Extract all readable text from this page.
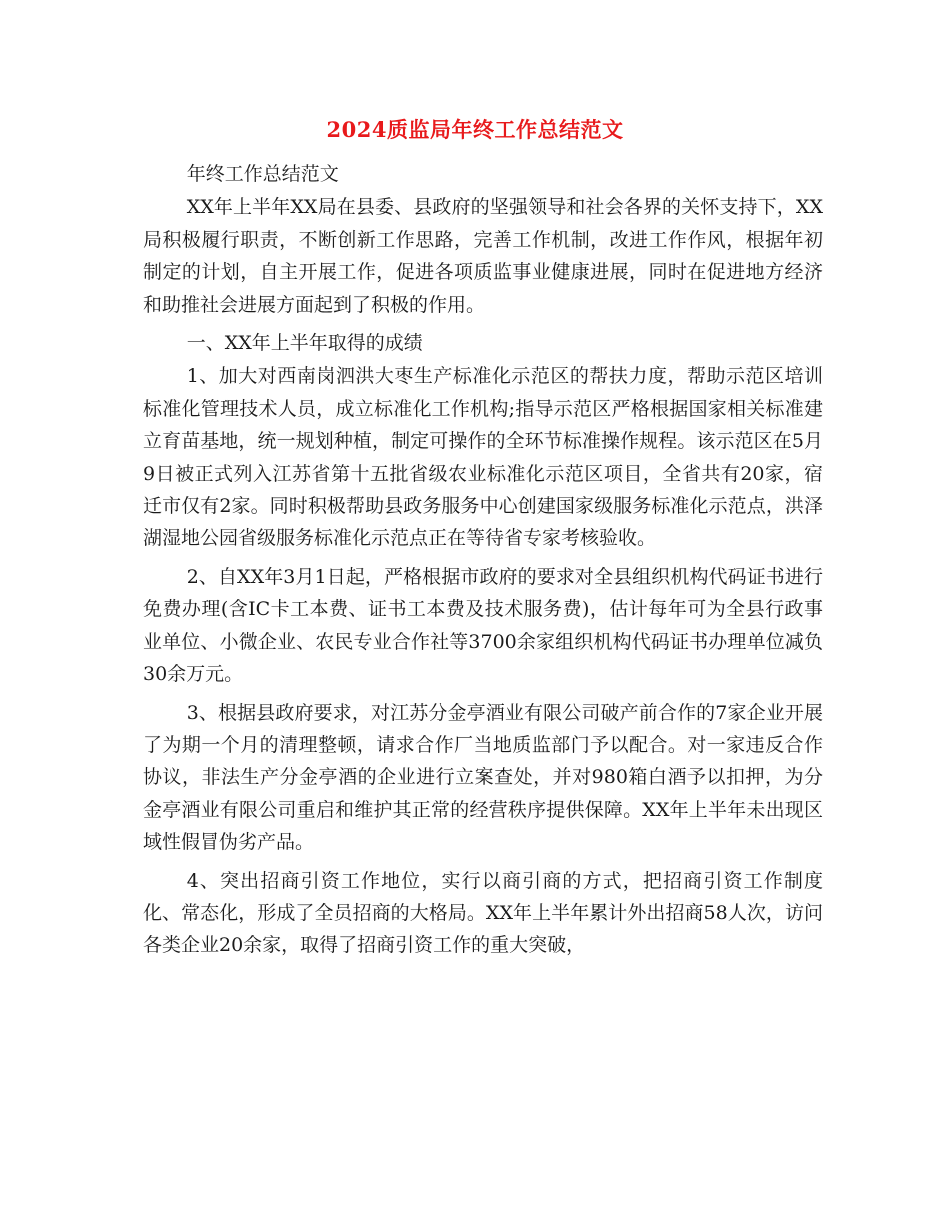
2024质监局年终工作总结范文

年终工作总结范文

XX年上半年XX局在县委、县政府的坚强领导和社会各界的关怀支持下，XX局积极履行职责，不断创新工作思路，完善工作机制，改进工作作风，根据年初制定的计划，自主开展工作，促进各项质监事业健康进展，同时在促进地方经济和助推社会进展方面起到了积极的作用。

一、XX年上半年取得的成绩

1、加大对西南岗泗洪大枣生产标准化示范区的帮扶力度，帮助示范区培训标准化管理技术人员，成立标准化工作机构;指导示范区严格根据国家相关标准建立育苗基地，统一规划种植，制定可操作的全环节标准操作规程。该示范区在5月9日被正式列入江苏省第十五批省级农业标准化示范区项目，全省共有20家，宿迁市仅有2家。同时积极帮助县政务服务中心创建国家级服务标准化示范点，洪泽湖湿地公园省级服务标准化示范点正在等待省专家考核验收。

2、自XX年3月1日起，严格根据市政府的要求对全县组织机构代码证书进行免费办理(含IC卡工本费、证书工本费及技术服务费)，估计每年可为全县行政事业单位、小微企业、农民专业合作社等3700余家组织机构代码证书办理单位减负30余万元。

3、根据县政府要求，对江苏分金亭酒业有限公司破产前合作的7家企业开展了为期一个月的清理整顿，请求合作厂当地质监部门予以配合。对一家违反合作协议，非法生产分金亭酒的企业进行立案查处，并对980箱白酒予以扣押，为分金亭酒业有限公司重启和维护其正常的经营秩序提供保障。XX年上半年未出现区域性假冒伪劣产品。

4、突出招商引资工作地位，实行以商引商的方式，把招商引资工作制度化、常态化，形成了全员招商的大格局。XX年上半年累计外出招商58人次，访问各类企业20余家，取得了招商引资工作的重大突破，
